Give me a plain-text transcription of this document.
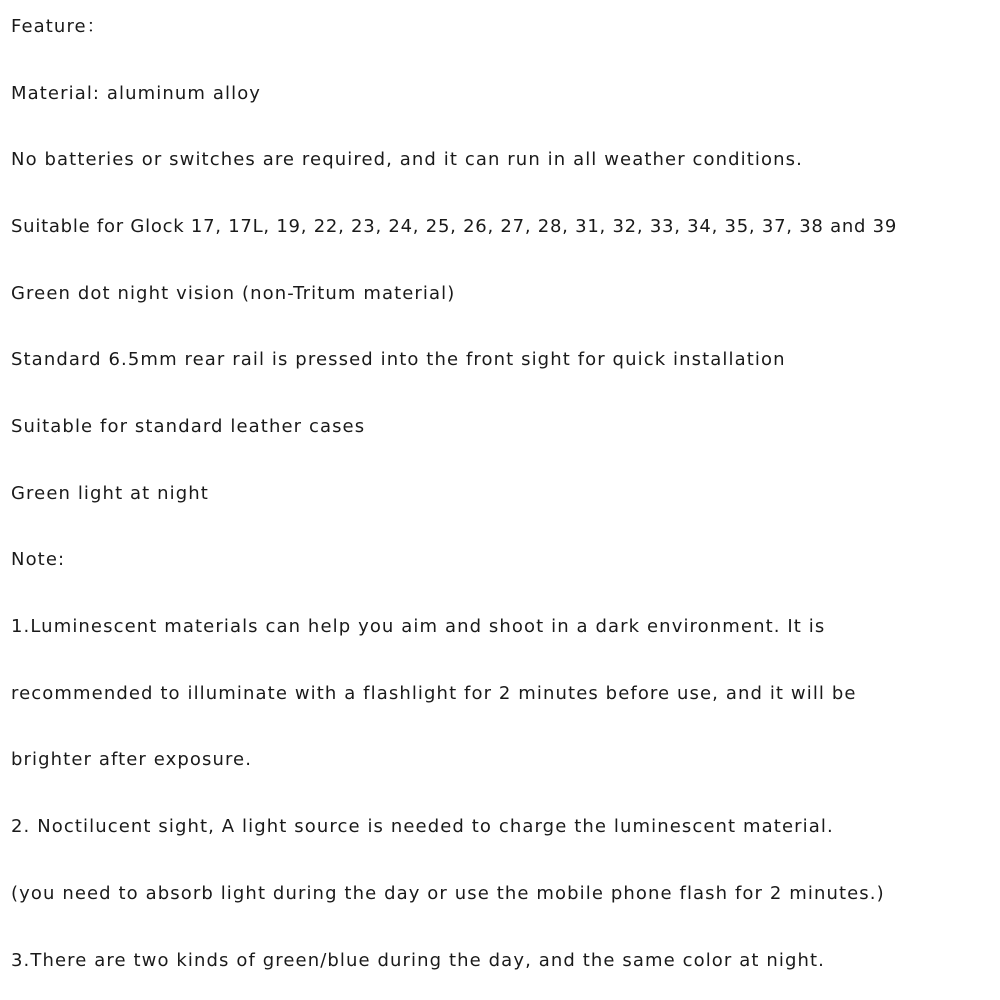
Feature：

Material: aluminum alloy

No batteries or switches are required, and it can run in all weather conditions.

Suitable for Glock 17, 17L, 19, 22, 23, 24, 25, 26, 27, 28, 31, 32, 33, 34, 35, 37, 38 and 39

Green dot night vision (non-Tritum material)

Standard 6.5mm rear rail is pressed into the front sight for quick installation

Suitable for standard leather cases

Green light at night

Note:

1.Luminescent materials can help you aim and shoot in a dark environment. It is

recommended to illuminate with a flashlight for 2 minutes before use, and it will be

brighter after exposure.

2. Noctilucent sight, A light source is needed to charge the luminescent material.

(you need to absorb light during the day or use the mobile phone flash for 2 minutes.)

3.There are two kinds of green/blue during the day, and the same color at night.
